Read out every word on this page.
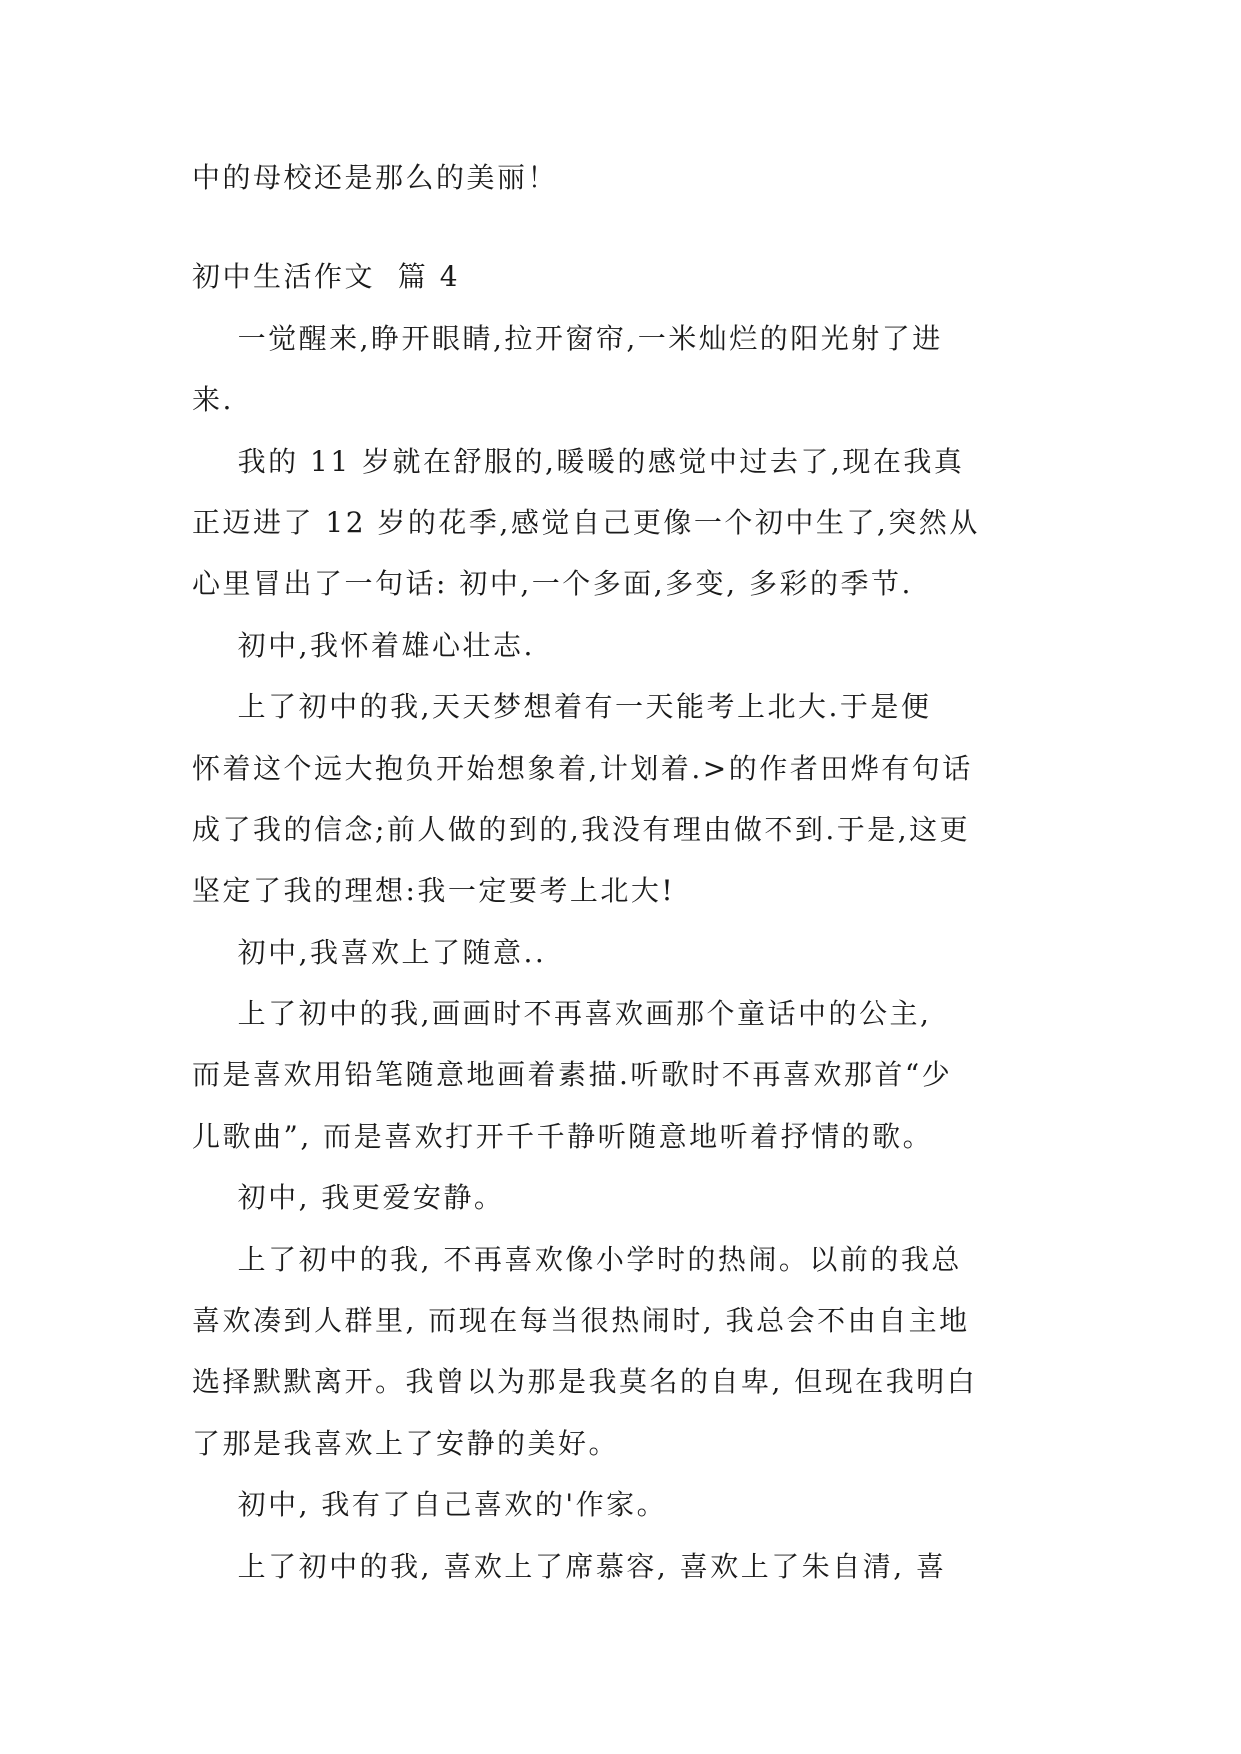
中的母校还是那么的美丽！
初中生活作文  篇 4
一觉醒来,睁开眼睛,拉开窗帘,一米灿烂的阳光射了进
来.
我的 11 岁就在舒服的,暖暖的感觉中过去了,现在我真
正迈进了 12 岁的花季,感觉自己更像一个初中生了,突然从
心里冒出了一句话: 初中,一个多面,多变, 多彩的季节.
初中,我怀着雄心壮志.
上了初中的我,天天梦想着有一天能考上北大.于是便
怀着这个远大抱负开始想象着,计划着.>的作者田烨有句话
成了我的信念;前人做的到的,我没有理由做不到.于是,这更
坚定了我的理想:我一定要考上北大!
初中,我喜欢上了随意..
上了初中的我,画画时不再喜欢画那个童话中的公主,
而是喜欢用铅笔随意地画着素描.听歌时不再喜欢那首“少
儿歌曲”, 而是喜欢打开千千静听随意地听着抒情的歌。
初中, 我更爱安静。
上了初中的我, 不再喜欢像小学时的热闹。以前的我总
喜欢凑到人群里, 而现在每当很热闹时, 我总会不由自主地
选择默默离开。我曾以为那是我莫名的自卑, 但现在我明白
了那是我喜欢上了安静的美好。
初中, 我有了自己喜欢的'作家。
上了初中的我, 喜欢上了席慕容, 喜欢上了朱自清, 喜
